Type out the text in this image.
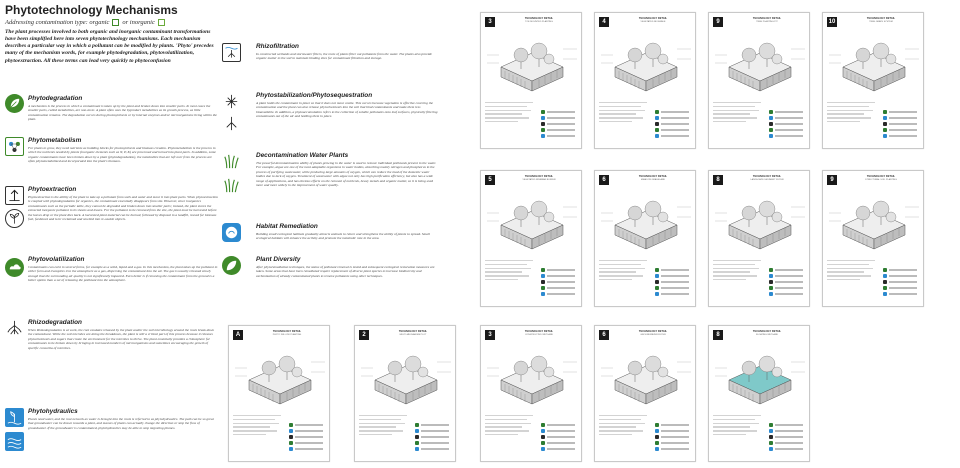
Phytotechnology Mechanisms
Addressing contamination type: organic or inorganic
The plant processes involved to both organic and inorganic contaminant transformations have been simplified here into seven phytotechnology mechanisms. Each mechanism describes a particular way in which a pollutant can be modified by plants. 'Phyto' precedes many of the mechanism words, for example phytodegradation, phytovolatilization, phytoextraction. All these terms can lead very quickly to phytoconfusion
Phytodegradation
A mechanism is the process in which a contaminant is taken up by the plant and broken down into smaller parts. In most cases the smaller parts, called metabolites, are non-toxic. A plant often uses the byproduct metabolites as its growth process, as little contamination remains. The degradation occurs during photosynthesis or by internal enzymes and/or microorganisms living within the plant.
Phytometabolism
For plants to grow, they need nutrients as building blocks for photosynthesis and biomass creation. Phytometabolism is the process in which the nutrients needed by plants (inorganic elements such as N, P, K) are processed and turned into plant parts. In addition, some organic contaminants have been broken down by a plant (phytodegradation), the metabolites that are left over from the process are often phytometabolized and incorporated into the plant's biomass.
Phytoextraction
Phytoextraction is the ability of the plant to take up a pollutant from soils and water and move it into plant parts. When phytoextraction is coupled with phytodegradation for organics, the contaminant essentially disappears from site. However, since inorganics contaminants such as the periodic table, they cannot be degraded and broken down into smaller parts; instead, the plant stores the extracted inorganic pollutant in its shoots and leaves. For the pollutant to be removed from the site, the plant must be harvested before the leaves drop or the plant dies back. A harvested plant material can be burned, followed by disposal in a landfill, reused for biomass fuel, feedstock and is/or reclaimed and smelted into re-usable objects.
Phytovolatilization
Contaminants can exist in several forms, for example as a solid, liquid and a gas. In this mechanism, the plant takes up the pollutant in either form and transpires it to the atmosphere as a gas, dispersing the contaminant into the air. The gas is usually released slowly enough that the surrounding air quality is not significantly impacted. Even better is if removing the contaminant from the ground is a better option than a set of releasing the pollutant into the atmosphere.
Rhizodegradation
When Rhizodegradation is at work, the root exudates released by the plant and/or the soil microbiology around the roots break down the contaminant. While the soil microbes are doing the breakdown, the plant is still a critical part of this process because it releases phytochemicals and sugars that create the environment for the microbes to thrive. The plant essentially provides a rhizosphere for contaminants to be broken down by bringing in increased numbers of microorganisms and sometimes encouraging the growth of specific consortia of microbes.
Phytohydraulics
Plants need water, and the root network as water is brought into the roots is referred to as phytohydraulics. The path can be so great that groundwater can be drawn towards a plant, and masses of plants can actually change the direction or stop the flow of groundwater. If the groundwater is contaminated, phytohydraulics may be able to stop migrating plumes.
Rhizofiltration
In constructed wetlands and stormwater filters, the roots of plants filter out pollutants from the water. The plants also provide organic matter to the soil to maintain binding sites for contaminant filtration and storage.
Phytostabilization/Phytosequestration
A plant holds the contaminant in place so that it does not move onsite. This occurs because vegetation is effective covering the contamination and the plant can also release phytochemicals into the soil that bind contaminants and make them less bioavailable. In addition, a phytoaccumulation refers to the collection of soluble pollutants onto leaf surfaces, physically filtering contaminants out of the air and holding them in place.
Decontamination Water Plants
The powerful decontamination ability of plants growing in the water is used to remove individual pollutants present in the water. For example, algae are one of the most adaptable organisms in water bodies, absorbing mainly nitrogen and phosphorus in the process of purifying wastewater, while producing large amounts of oxygen, which can reduce the load of the domestic water bodies due to lack of oxygen. Treatment of wastewater with algae not only has high purification efficiency, but also has a wide range of applications, and has obvious effects on the removal of nutrients, heavy metals and organic matter, so it is being used more and more widely in the improvement of water quality.
Habitat Remediation
Building small ecological habitats gradually attracts animals to return and strengthens the ability of plants to spread. Small ecological habitats will enhance the activity and promote the metabolic rate in the area.
Plant Diversity
After phytoremediation techniques, the status of pollutant removal is tested and subsequent ecological restoration measures are taken. Some areas that have been remediated require replacement of diverse plant species to increase biodiversity and carbonization of already contaminated plants to remove pollutants using other techniques.
3
TECHNOLOGY DETAIL
TOE MOUNTED PLANTING	4
TECHNOLOGY DETAIL
VEGETATED BIOSWALE	9
TECHNOLOGY DETAIL
TREE PLANTING PIT	10
TECHNOLOGY DETAIL
TREE GRATE SYSTEM
5
TECHNOLOGY DETAIL
VEGETATED RIPARIAN BUFFER	6
TECHNOLOGY DETAIL
MEADOW GRASSLAND	8
TECHNOLOGY DETAIL
LANDSCAPE SEDIMENT FILTER	9
TECHNOLOGY DETAIL
STRUCTURAL SOIL PLANTING
A
TECHNOLOGY DETAIL
PHYTO WILLOW PLANTING	2
TECHNOLOGY DETAIL
MULTI-MECHANISM PLOT	3
TECHNOLOGY DETAIL
CONSTRUCTED WETLAND	6
TECHNOLOGY DETAIL
GROUNDWATER FILTER	8
TECHNOLOGY DETAIL
FLOATING WETLAND
